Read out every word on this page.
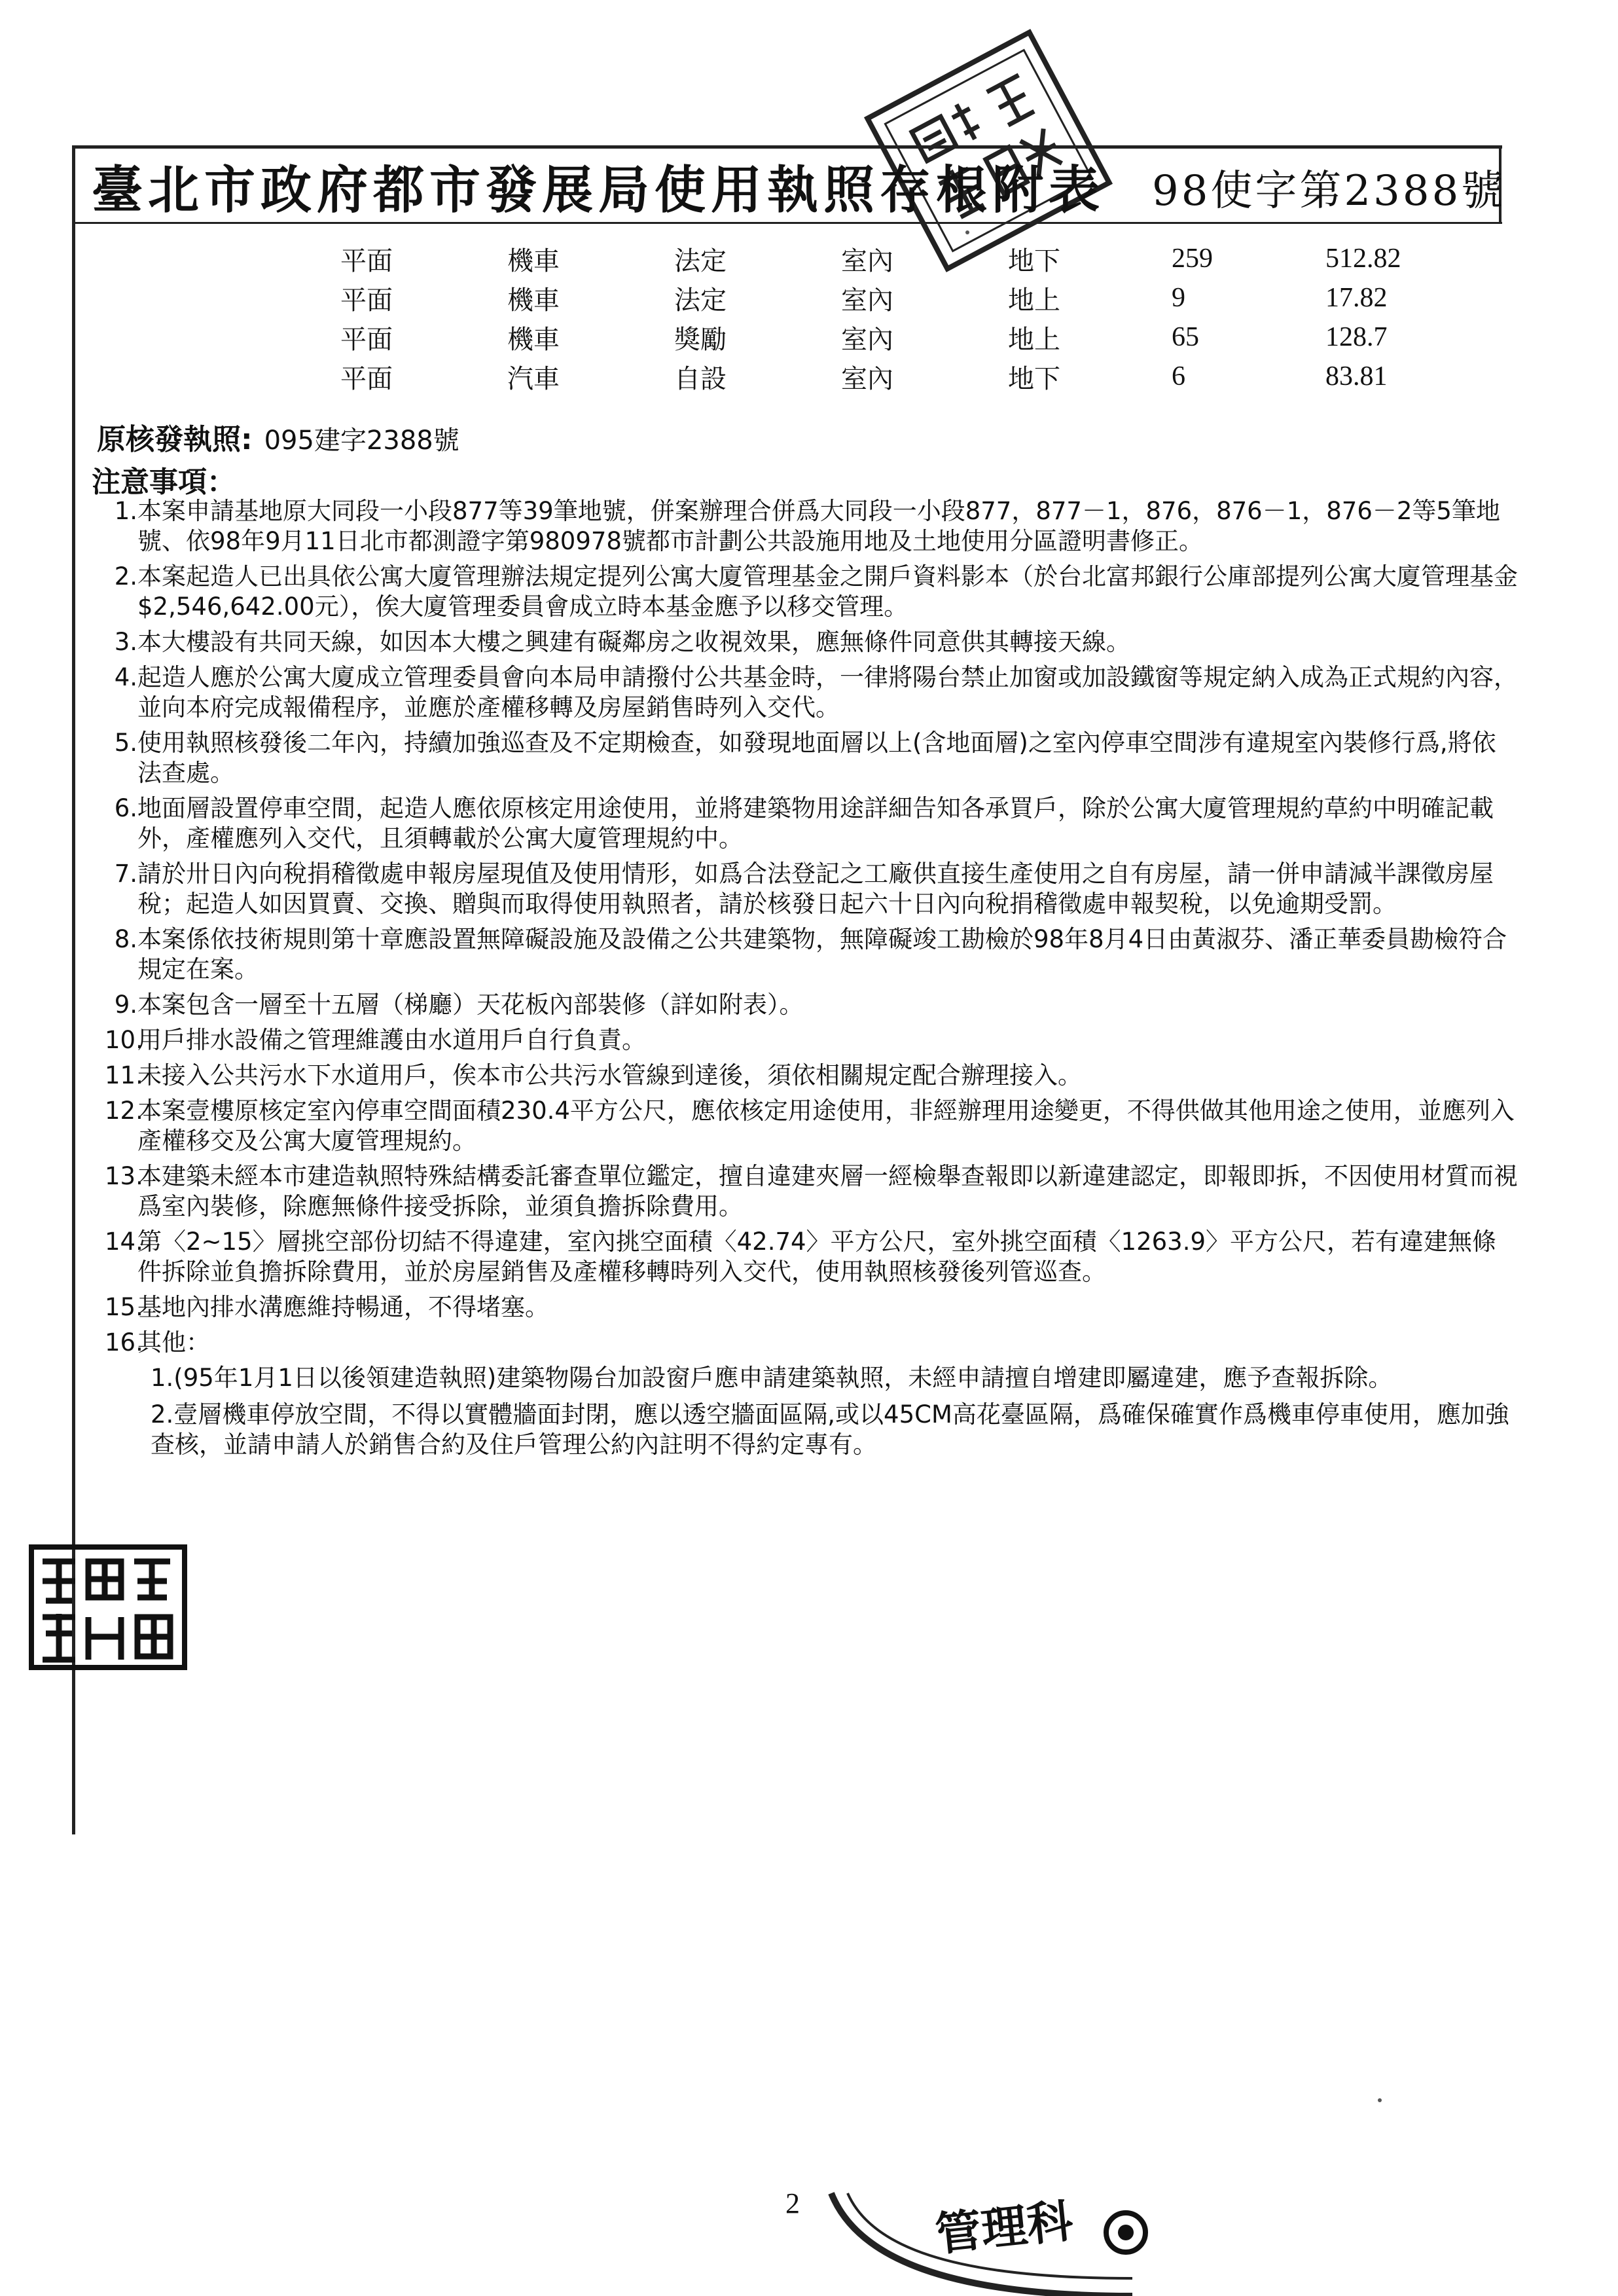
臺北市政府都市發展局使用執照存根附表 98使字第2388號
平面	機車	法定	室內	地下	259	512.82
平面	機車	法定	室內	地上	9	17.82
平面	機車	獎勵	室內	地上	65	128.7
平面	汽車	自設	室內	地下	6	83.81
原核發執照: 095建字2388號
注意事項：
1. 本案申請基地原大同段一小段877等39筆地號，併案辦理合併爲大同段一小段877，877－1，876，876－1，876－2等5筆地號、依98年9月11日北市都測證字第980978號都市計劃公共設施用地及土地使用分區證明書修正。
2. 本案起造人已出具依公寓大廈管理辦法規定提列公寓大廈管理基金之開戶資料影本（於台北富邦銀行公庫部提列公寓大廈管理基金$2,546,642.00元），俟大廈管理委員會成立時本基金應予以移交管理。
3. 本大樓設有共同天線，如因本大樓之興建有礙鄰房之收視效果，應無條件同意供其轉接天線。
4. 起造人應於公寓大廈成立管理委員會向本局申請撥付公共基金時，一律將陽台禁止加窗或加設鐵窗等規定納入成為正式規約內容，並向本府完成報備程序，並應於產權移轉及房屋銷售時列入交代。
5. 使用執照核發後二年內，持續加強巡查及不定期檢查，如發現地面層以上(含地面層)之室內停車空間涉有違規室內裝修行爲,將依法查處。
6. 地面層設置停車空間，起造人應依原核定用途使用，並將建築物用途詳細告知各承買戶，除於公寓大廈管理規約草約中明確記載外，產權應列入交代，且須轉載於公寓大廈管理規約中。
7. 請於卅日內向稅捐稽徵處申報房屋現值及使用情形，如爲合法登記之工廠供直接生產使用之自有房屋，請一併申請減半課徵房屋稅；起造人如因買賣、交換、贈與而取得使用執照者，請於核發日起六十日內向稅捐稽徵處申報契稅，以免逾期受罰。
8. 本案係依技術規則第十章應設置無障礙設施及設備之公共建築物，無障礙竣工勘檢於98年8月4日由黃淑芬、潘正華委員勘檢符合規定在案。
9. 本案包含一層至十五層（梯廳）天花板內部裝修（詳如附表）。
10.
用戶排水設備之管理維護由水道用戶自行負責。
11.
未接入公共污水下水道用戶，俟本市公共污水管線到達後，須依相關規定配合辦理接入。
12.
本案壹樓原核定室內停車空間面積230.4平方公尺，應依核定用途使用，非經辦理用途變更，不得供做其他用途之使用，並應列入產權移交及公寓大廈管理規約。
13.
本建築未經本市建造執照特殊結構委託審查單位鑑定，擅自違建夾層一經檢舉查報即以新違建認定，即報即拆，不因使用材質而視爲室內裝修，除應無條件接受拆除，並須負擔拆除費用。
14.
第〈2~15〉層挑空部份切結不得違建，室內挑空面積〈42.74〉平方公尺，室外挑空面積〈1263.9〉平方公尺，若有違建無條件拆除並負擔拆除費用，並於房屋銷售及產權移轉時列入交代，使用執照核發後列管巡查。
15.
基地內排水溝應維持暢通，不得堵塞。
16.
其他：
1.(95年1月1日以後領建造執照)建築物陽台加設窗戶應申請建築執照，未經申請擅自增建即屬違建，應予查報拆除。
2.壹層機車停放空間，不得以實體牆面封閉，應以透空牆面區隔,或以45CM高花臺區隔，爲確保確實作爲機車停車使用，應加強查核，並請申請人於銷售合約及住戶管理公約內註明不得約定專有。
2	管理科
